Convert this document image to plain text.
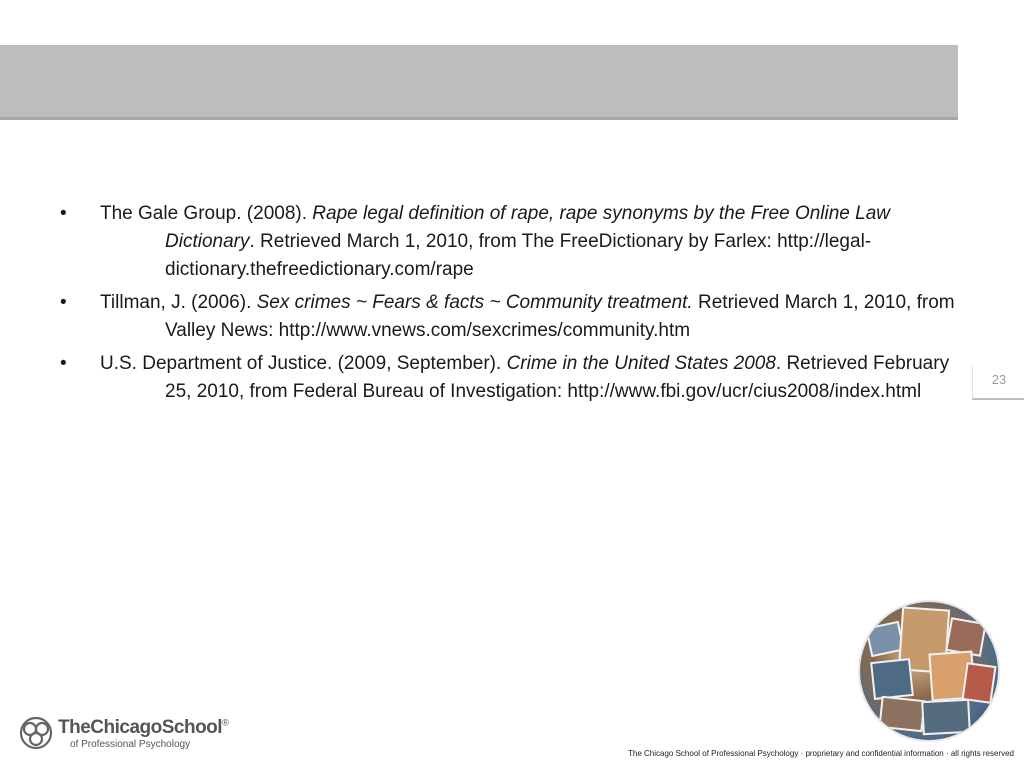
•	The Gale Group. (2008). Rape legal definition of rape, rape synonyms by the Free Online Law Dictionary. Retrieved March 1, 2010, from The FreeDictionary by Farlex: http://legal-dictionary.thefreedictionary.com/rape
•	Tillman, J. (2006). Sex crimes ~ Fears & facts ~ Community treatment. Retrieved March 1, 2010, from Valley News: http://www.vnews.com/sexcrimes/community.htm
•	U.S. Department of Justice. (2009, September). Crime in the United States 2008. Retrieved February 25, 2010, from Federal Bureau of Investigation: http://www.fbi.gov/ucr/cius2008/index.html
23
TheChicagoSchool®
of Professional Psychology
The Chicago School of Professional Psychology · proprietary and confidential information · all rights reserved
